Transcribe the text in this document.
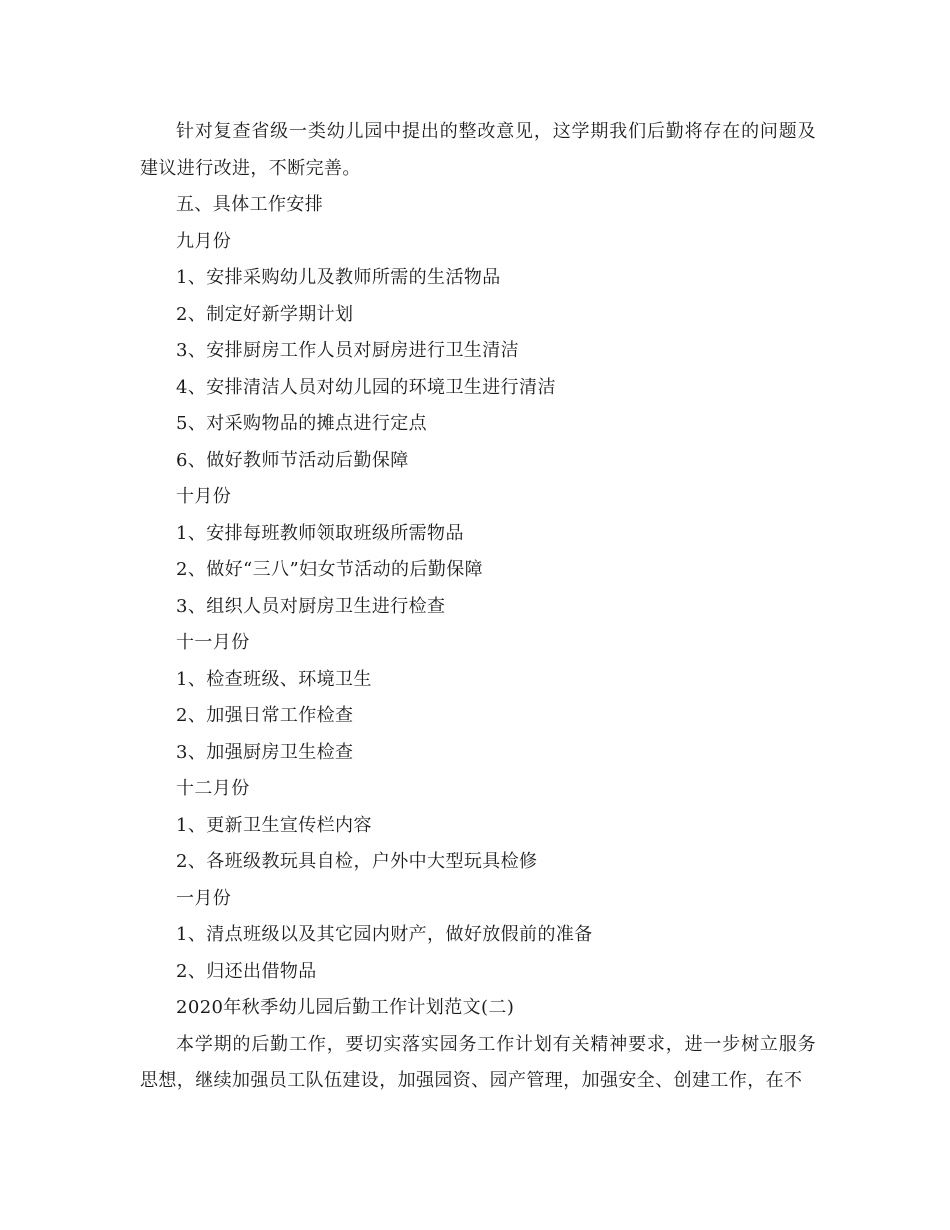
针对复查省级一类幼儿园中提出的整改意见，这学期我们后勤将存在的问题及建议进行改进，不断完善。

五、具体工作安排

九月份

1、安排采购幼儿及教师所需的生活物品

2、制定好新学期计划

3、安排厨房工作人员对厨房进行卫生清洁

4、安排清洁人员对幼儿园的环境卫生进行清洁

5、对采购物品的摊点进行定点

6、做好教师节活动后勤保障

十月份

1、安排每班教师领取班级所需物品

2、做好“三八”妇女节活动的后勤保障

3、组织人员对厨房卫生进行检查

十一月份

1、检查班级、环境卫生

2、加强日常工作检查

3、加强厨房卫生检查

十二月份

1、更新卫生宣传栏内容

2、各班级教玩具自检，户外中大型玩具检修

一月份

1、清点班级以及其它园内财产，做好放假前的准备

2、归还出借物品

2020年秋季幼儿园后勤工作计划范文(二)

本学期的后勤工作，要切实落实园务工作计划有关精神要求，进一步树立服务思想，继续加强员工队伍建设，加强园资、园产管理，加强安全、创建工作，在不
